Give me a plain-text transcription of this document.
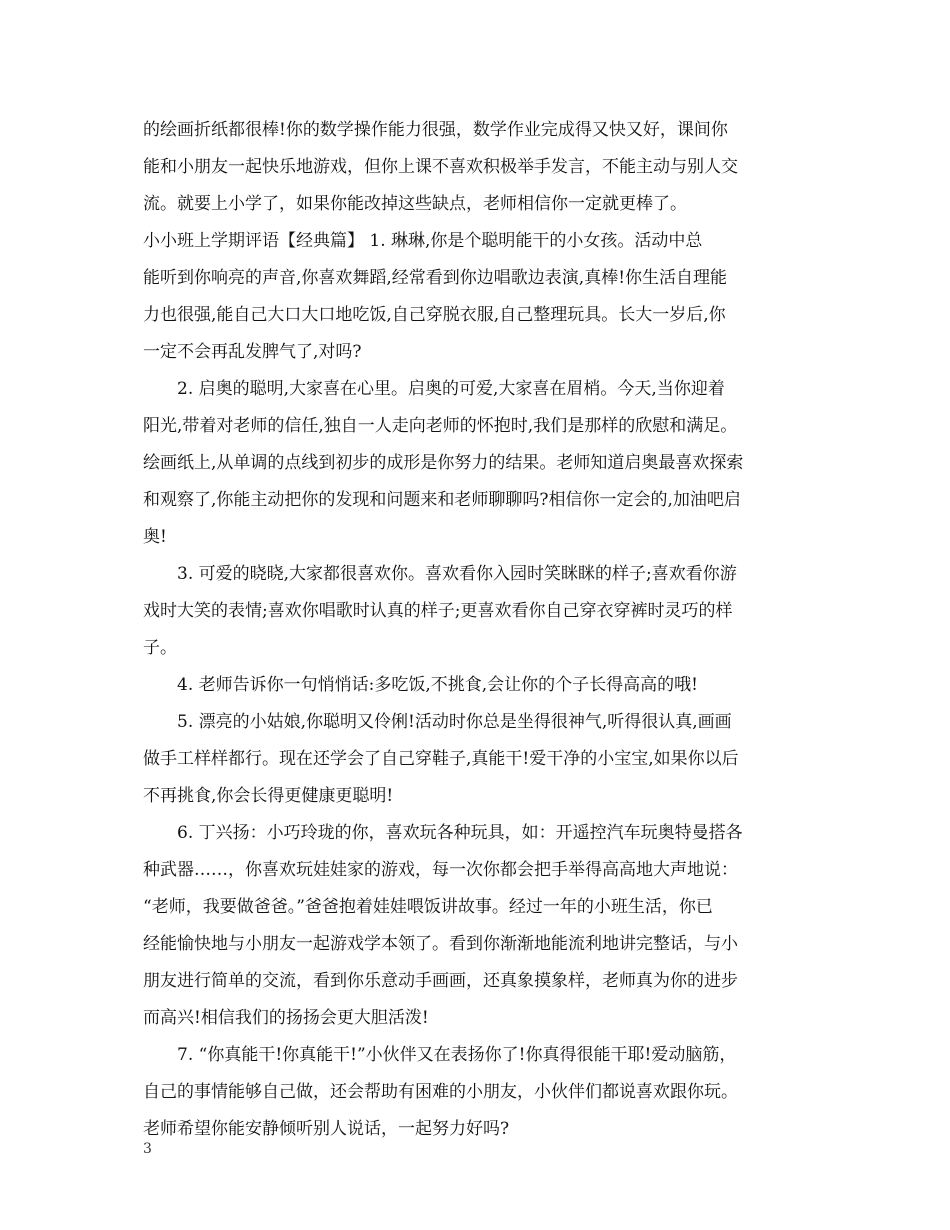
的绘画折纸都很棒!你的数学操作能力很强，数学作业完成得又快又好，课间你
能和小朋友一起快乐地游戏，但你上课不喜欢积极举手发言，不能主动与别人交
流。就要上小学了，如果你能改掉这些缺点，老师相信你一定就更棒了。
小小班上学期评语【经典篇】 1. 琳琳,你是个聪明能干的小女孩。活动中总
能听到你响亮的声音,你喜欢舞蹈,经常看到你边唱歌边表演,真棒!你生活自理能
力也很强,能自己大口大口地吃饭,自己穿脱衣服,自己整理玩具。长大一岁后,你
一定不会再乱发脾气了,对吗?
2. 启奥的聪明,大家喜在心里。启奥的可爱,大家喜在眉梢。今天,当你迎着
阳光,带着对老师的信任,独自一人走向老师的怀抱时,我们是那样的欣慰和满足。
绘画纸上,从单调的点线到初步的成形是你努力的结果。老师知道启奥最喜欢探索
和观察了,你能主动把你的发现和问题来和老师聊聊吗?相信你一定会的,加油吧启
奥!
3. 可爱的晓晓,大家都很喜欢你。喜欢看你入园时笑眯眯的样子;喜欢看你游
戏时大笑的表情;喜欢你唱歌时认真的样子;更喜欢看你自己穿衣穿裤时灵巧的样
子。
4. 老师告诉你一句悄悄话:多吃饭,不挑食,会让你的个子长得高高的哦!
5. 漂亮的小姑娘,你聪明又伶俐!活动时你总是坐得很神气,听得很认真,画画
做手工样样都行。现在还学会了自己穿鞋子,真能干!爱干净的小宝宝,如果你以后
不再挑食,你会长得更健康更聪明!
6. 丁兴扬：小巧玲珑的你，喜欢玩各种玩具，如：开遥控汽车玩奥特曼搭各
种武器……，你喜欢玩娃娃家的游戏，每一次你都会把手举得高高地大声地说：
“老师，我要做爸爸。”爸爸抱着娃娃喂饭讲故事。经过一年的小班生活，你已
经能愉快地与小朋友一起游戏学本领了。看到你渐渐地能流利地讲完整话，与小
朋友进行简单的交流，看到你乐意动手画画，还真象摸象样，老师真为你的进步
而高兴!相信我们的扬扬会更大胆活泼!
7. “你真能干!你真能干!”小伙伴又在表扬你了!你真得很能干耶!爱动脑筋，
自己的事情能够自己做，还会帮助有困难的小朋友，小伙伴们都说喜欢跟你玩。
老师希望你能安静倾听别人说话，一起努力好吗?
3
